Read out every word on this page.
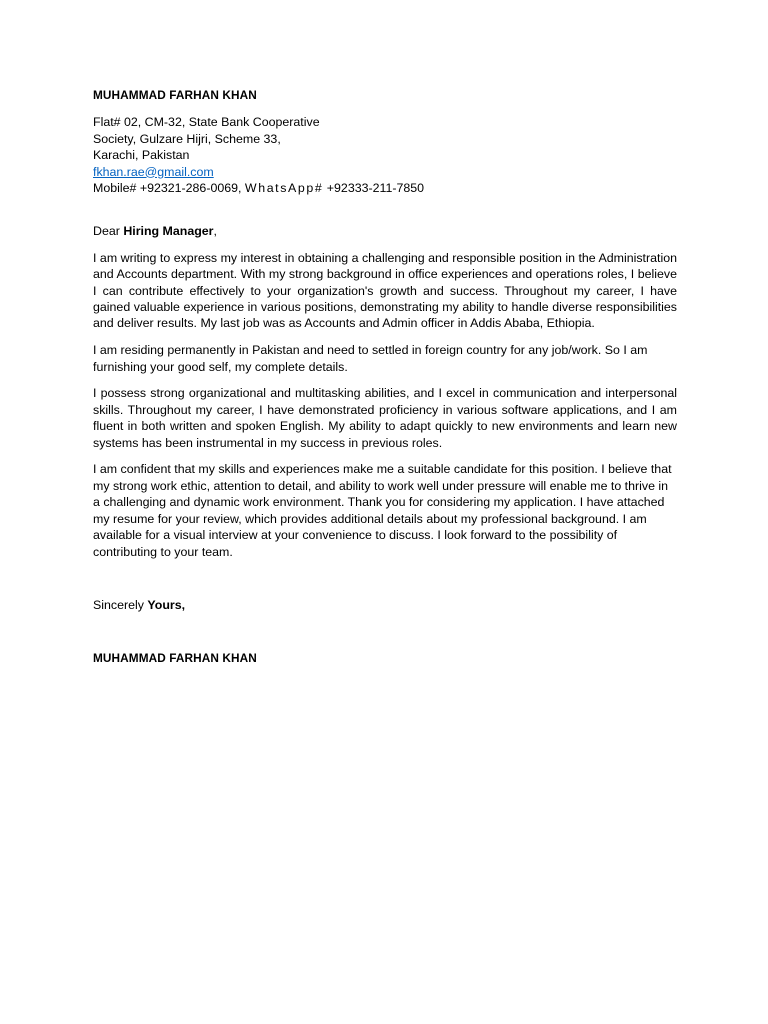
MUHAMMAD FARHAN KHAN
Flat# 02, CM-32, State Bank Cooperative
Society, Gulzare Hijri, Scheme 33,
Karachi, Pakistan
fkhan.rae@gmail.com
Mobile# +92321-286-0069, WhatsApp# +92333-211-7850
Dear Hiring Manager,

I am writing to express my interest in obtaining a challenging and responsible position in the Administration and Accounts department. With my strong background in office experiences and operations roles, I believe I can contribute effectively to your organization's growth and success. Throughout my career, I have gained valuable experience in various positions, demonstrating my ability to handle diverse responsibilities and deliver results. My last job was as Accounts and Admin officer in Addis Ababa, Ethiopia.

I am residing permanently in Pakistan and need to settled in foreign country for any job/work. So I am furnishing your good self, my complete details.

I possess strong organizational and multitasking abilities, and I excel in communication and interpersonal skills. Throughout my career, I have demonstrated proficiency in various software applications, and I am fluent in both written and spoken English. My ability to adapt quickly to new environments and learn new systems has been instrumental in my success in previous roles.

I am confident that my skills and experiences make me a suitable candidate for this position. I believe that my strong work ethic, attention to detail, and ability to work well under pressure will enable me to thrive in a challenging and dynamic work environment. Thank you for considering my application. I have attached my resume for your review, which provides additional details about my professional background. I am available for a visual interview at your convenience to discuss. I look forward to the possibility of contributing to your team.

Sincerely Yours,
MUHAMMAD FARHAN KHAN
